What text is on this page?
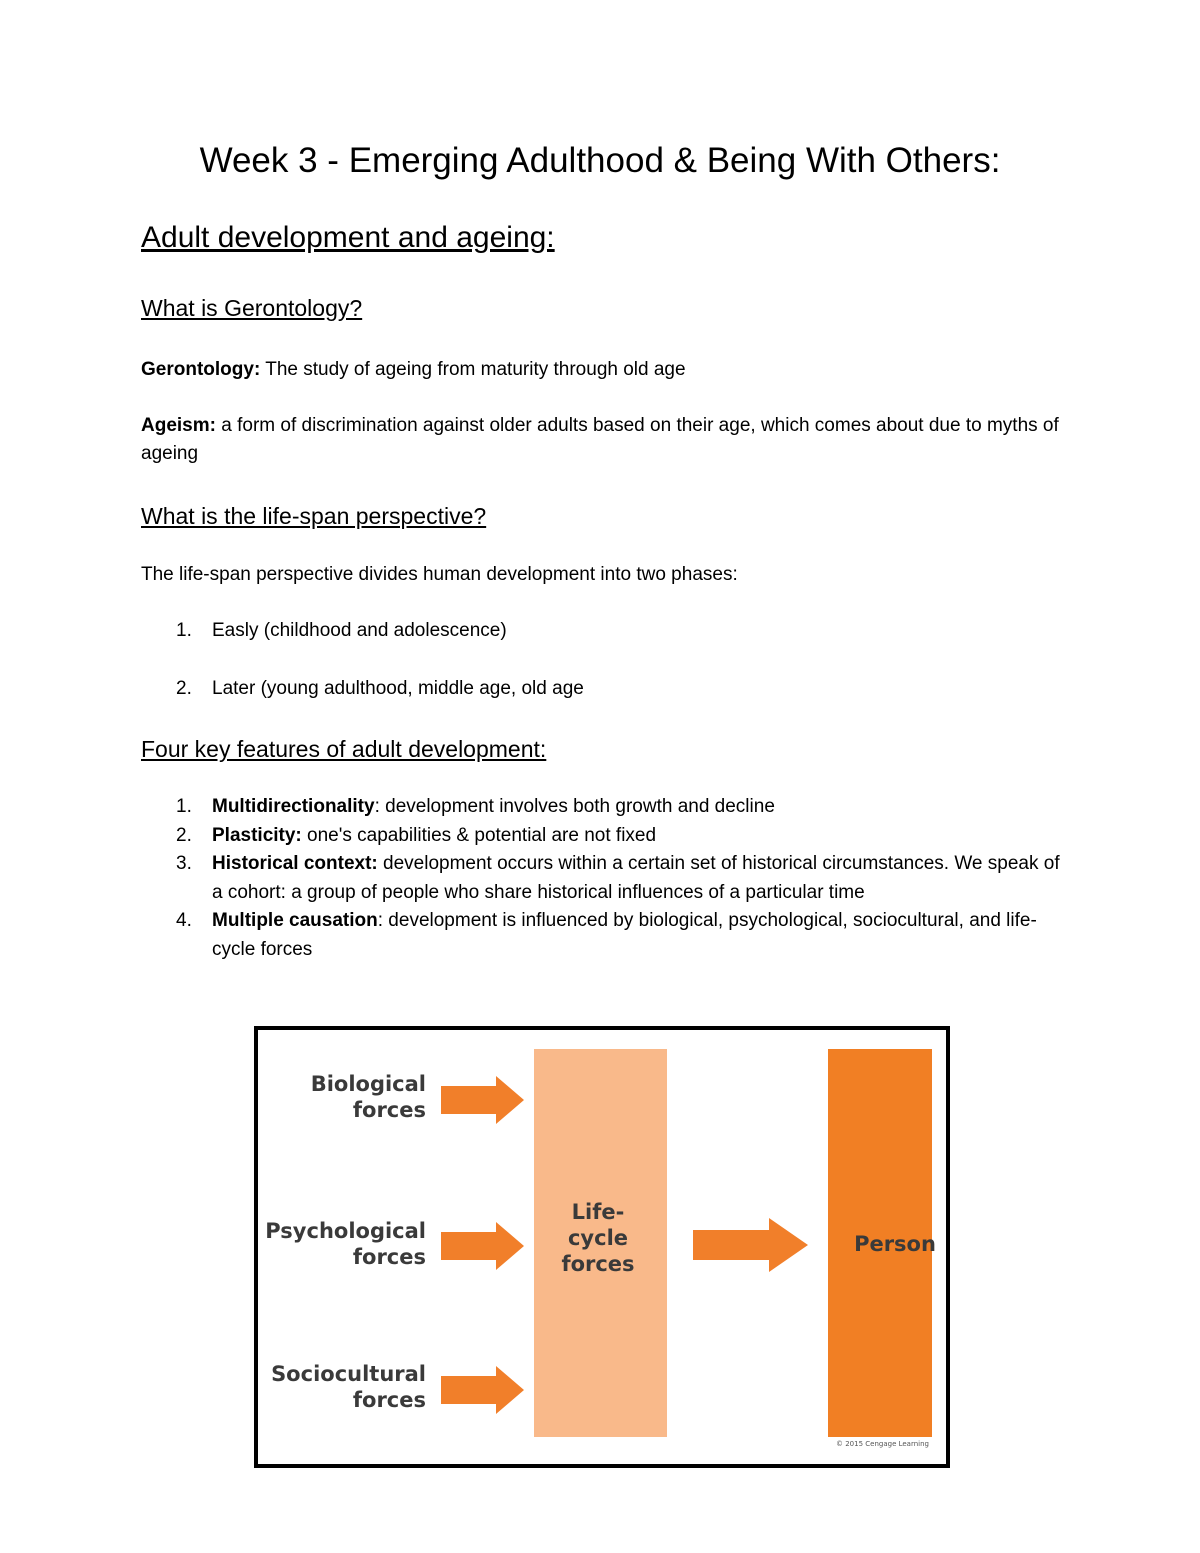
Week 3 - Emerging Adulthood & Being With Others:
Adult development and ageing:
What is Gerontology?

Gerontology: The study of ageing from maturity through old age

Ageism: a form of discrimination against older adults based on their age, which comes about due to myths of ageing

What is the life-span perspective?

The life-span perspective divides human development into two phases:

1. Easly (childhood and adolescence)
2. Later (young adulthood, middle age, old age
Four key features of adult development:
1. Multidirectionality: development involves both growth and decline
2. Plasticity: one's capabilities & potential are not fixed
3. Historical context: development occurs within a certain set of historical circumstances. We speak of a cohort: a group of people who share historical influences of a particular time
4. Multiple causation: development is influenced by biological, psychological, sociocultural, and life-cycle forces
Biological
forces
Psychological
forces
Sociocultural
forces
Life-
cycle
forces
Person
© 2015 Cengage Learning
